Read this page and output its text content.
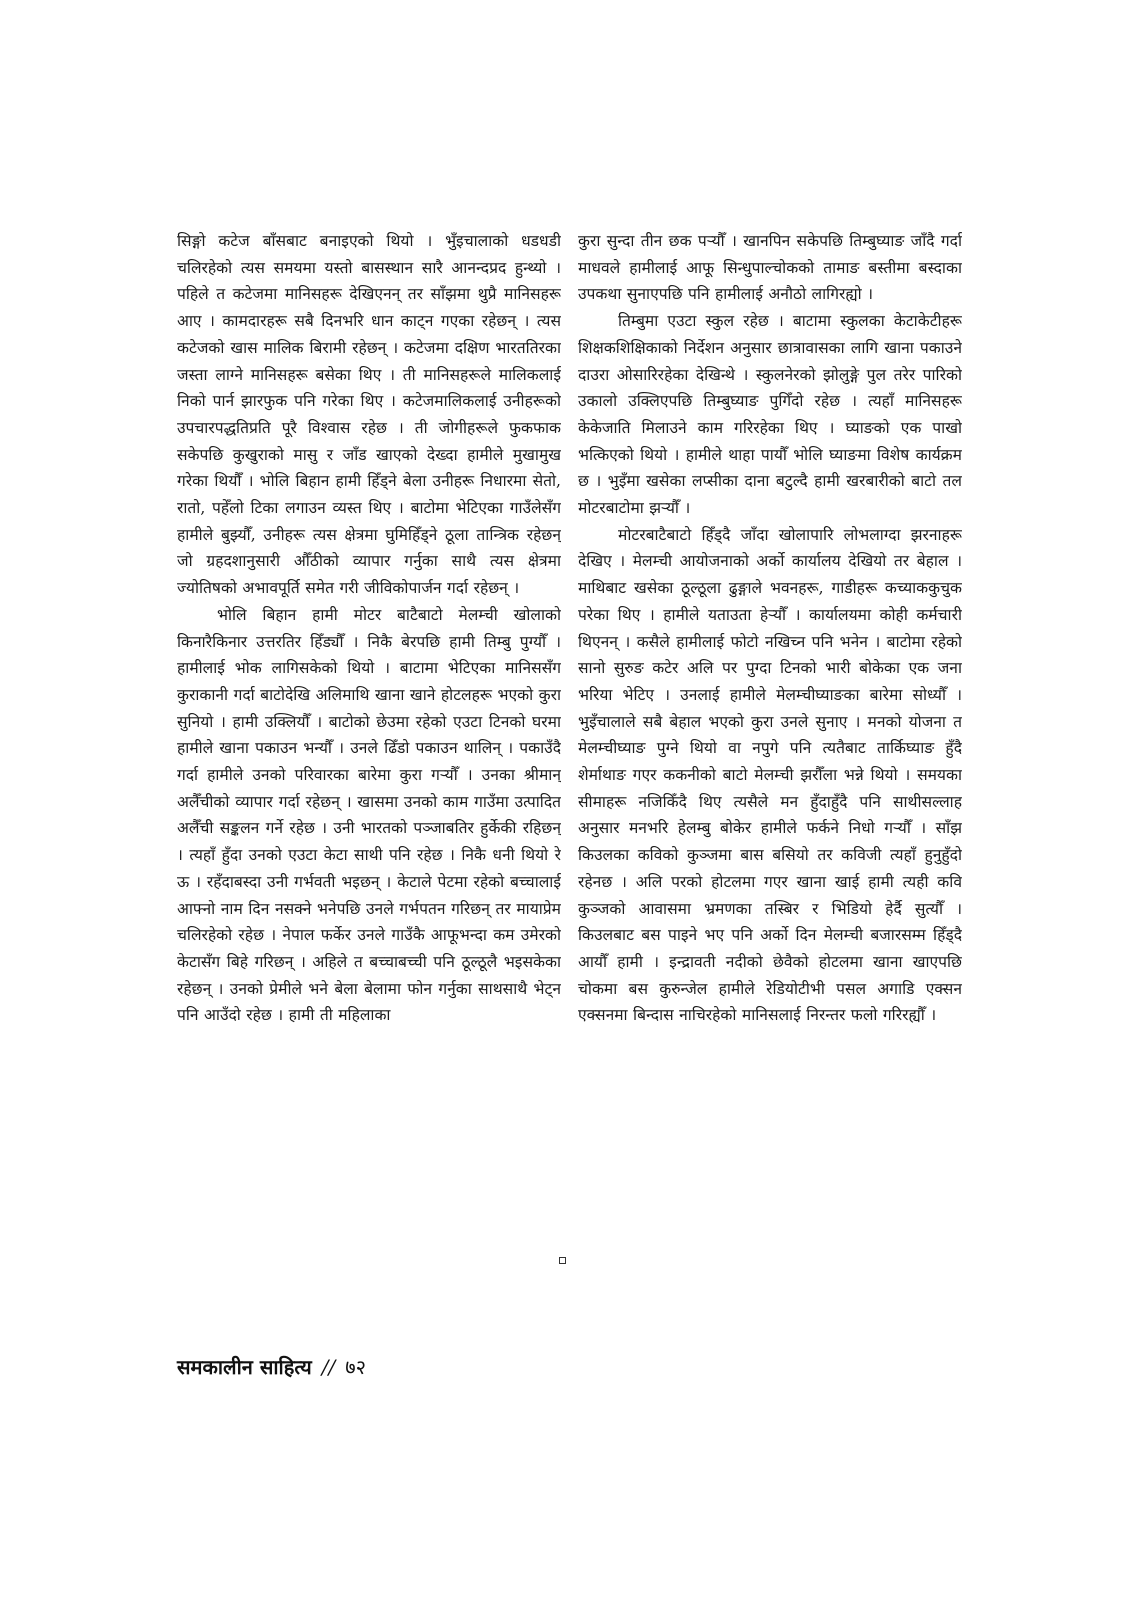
सिङ्गो कटेज बाँसबाट बनाइएको थियो । भुँइचालाको धडधडी चलिरहेको त्यस समयमा यस्तो बासस्थान सारै आनन्दप्रद हुन्थ्यो । पहिले त कटेजमा मानिसहरू देखिएनन् तर साँझमा थुप्रै मानिसहरू आए । कामदारहरू सबै दिनभरि धान काट्न गएका रहेछन् । त्यस कटेजको खास मालिक बिरामी रहेछन् । कटेजमा दक्षिण भारततिरका जस्ता लाग्ने मानिसहरू बसेका थिए । ती मानिसहरूले मालिकलाई निको पार्न झारफुक पनि गरेका थिए । कटेजमालिकलाई उनीहरूको उपचारपद्धतिप्रति पूरै विश्वास रहेछ । ती जोगीहरूले फुकफाक सकेपछि कुखुराको मासु र जाँड खाएको देख्दा हामीले मुखामुख गरेका थियौँ । भोलि बिहान हामी हिँड्ने बेला उनीहरू निधारमा सेतो, रातो, पहेँलो टिका लगाउन व्यस्त थिए । बाटोमा भेटिएका गाउँलेसँग हामीले बुझ्यौँ, उनीहरू त्यस क्षेत्रमा घुमिहिँड्ने ठूला तान्त्रिक रहेछन् जो ग्रहदशानुसारी औँठीको व्यापार गर्नुका साथै त्यस क्षेत्रमा ज्योतिषको अभावपूर्ति समेत गरी जीविकोपार्जन गर्दा रहेछन् ।

भोलि बिहान हामी मोटर बाटैबाटो मेलम्ची खोलाको किनारैकिनार उत्तरतिर हिँड्यौँ । निकै बेरपछि हामी तिम्बु पुग्यौँ । हामीलाई भोक लागिसकेको थियो । बाटामा भेटिएका मानिससँग कुराकानी गर्दा बाटोदेखि अलिमाथि खाना खाने होटलहरू भएको कुरा सुनियो । हामी उक्लियौँ । बाटोको छेउमा रहेको एउटा टिनको घरमा हामीले खाना पकाउन भन्यौँ । उनले ढिँडो पकाउन थालिन् । पकाउँदै गर्दा हामीले उनको परिवारका बारेमा कुरा गऱ्यौँ । उनका श्रीमान् अलैँचीको व्यापार गर्दा रहेछन् । खासमा उनको काम गाउँमा उत्पादित अलैँची सङ्कलन गर्ने रहेछ । उनी भारतको पञ्जाबतिर हुर्केकी रहिछन् । त्यहाँ हुँदा उनको एउटा केटा साथी पनि रहेछ । निकै धनी थियो रे ऊ । रहँदाबस्दा उनी गर्भवती भइछन् । केटाले पेटमा रहेको बच्चालाई आफ्नो नाम दिन नसक्ने भनेपछि उनले गर्भपतन गरिछन् तर मायाप्रेम चलिरहेको रहेछ । नेपाल फर्केर उनले गाउँकै आफूभन्दा कम उमेरको केटासँग बिहे गरिछन् । अहिले त बच्चाबच्ची पनि ठूल्ठूलै भइसकेका रहेछन् । उनको प्रेमीले भने बेला बेलामा फोन गर्नुका साथसाथै भेट्न पनि आउँदो रहेछ । हामी ती महिलाका

कुरा सुन्दा तीन छक पऱ्यौँ । खानपिन सकेपछि तिम्बुघ्याङ जाँदै गर्दा माधवले हामीलाई आफू सिन्धुपाल्चोकको तामाङ बस्तीमा बस्दाका उपकथा सुनाएपछि पनि हामीलाई अनौठो लागिरह्यो ।

तिम्बुमा एउटा स्कुल रहेछ । बाटामा स्कुलका केटाकेटीहरू शिक्षकशिक्षिकाको निर्देशन अनुसार छात्रावासका लागि खाना पकाउने दाउरा ओसारिरहेका देखिन्थे । स्कुलनेरको झोलुङ्गे पुल तरेर पारिको उकालो उक्लिएपछि तिम्बुघ्याङ पुगिँदो रहेछ । त्यहाँ मानिसहरू केकेजाति मिलाउने काम गरिरहेका थिए । घ्याङको एक पाखो भत्किएको थियो । हामीले थाहा पायौँ भोलि घ्याङमा विशेष कार्यक्रम छ । भुइँमा खसेका लप्सीका दाना बटुल्दै हामी खरबारीको बाटो तल मोटरबाटोमा झऱ्यौँ ।

मोटरबाटैबाटो हिँड्दै जाँदा खोलापारि लोभलाग्दा झरनाहरू देखिए । मेलम्ची आयोजनाको अर्को कार्यालय देखियो तर बेहाल । माथिबाट खसेका ठूल्ठूला ढुङ्गाले भवनहरू, गाडीहरू कच्याककुचुक परेका थिए । हामीले यताउता हेऱ्यौँ । कार्यालयमा कोही कर्मचारी थिएनन् । कसैले हामीलाई फोटो नखिच्न पनि भनेन । बाटोमा रहेको सानो सुरुङ कटेर अलि पर पुग्दा टिनको भारी बोकेका एक जना भरिया भेटिए । उनलाई हामीले मेलम्चीघ्याङका बारेमा सोध्यौँ । भुइँचालाले सबै बेहाल भएको कुरा उनले सुनाए । मनको योजना त मेलम्चीघ्याङ पुग्ने थियो वा नपुगे पनि त्यतैबाट तार्किघ्याङ हुँदै शेर्माथाङ गएर ककनीको बाटो मेलम्ची झरौँला भन्ने थियो । समयका सीमाहरू नजिकिँदै थिए त्यसैले मन हुँदाहुँदै पनि साथीसल्लाह अनुसार मनभरि हेलम्बु बोकेर हामीले फर्कने निधो गऱ्यौँ । साँझ किउलका कविको कुञ्जमा बास बसियो तर कविजी त्यहाँ हुनुहुँदो रहेनछ । अलि परको होटलमा गएर खाना खाई हामी त्यही कवि कुञ्जको आवासमा भ्रमणका तस्बिर र भिडियो हेर्दै सुत्यौँ । किउलबाट बस पाइने भए पनि अर्को दिन मेलम्ची बजारसम्म हिँड्दै आयौँ हामी । इन्द्रावती नदीको छेवैको होटलमा खाना खाएपछि चोकमा बस कुरुन्जेल हामीले रेडियोटीभी पसल अगाडि एक्सन एक्सनमा बिन्दास नाचिरहेको मानिसलाई निरन्तर फलो गरिरह्यौँ ।

समकालीन साहित्य // ७२
